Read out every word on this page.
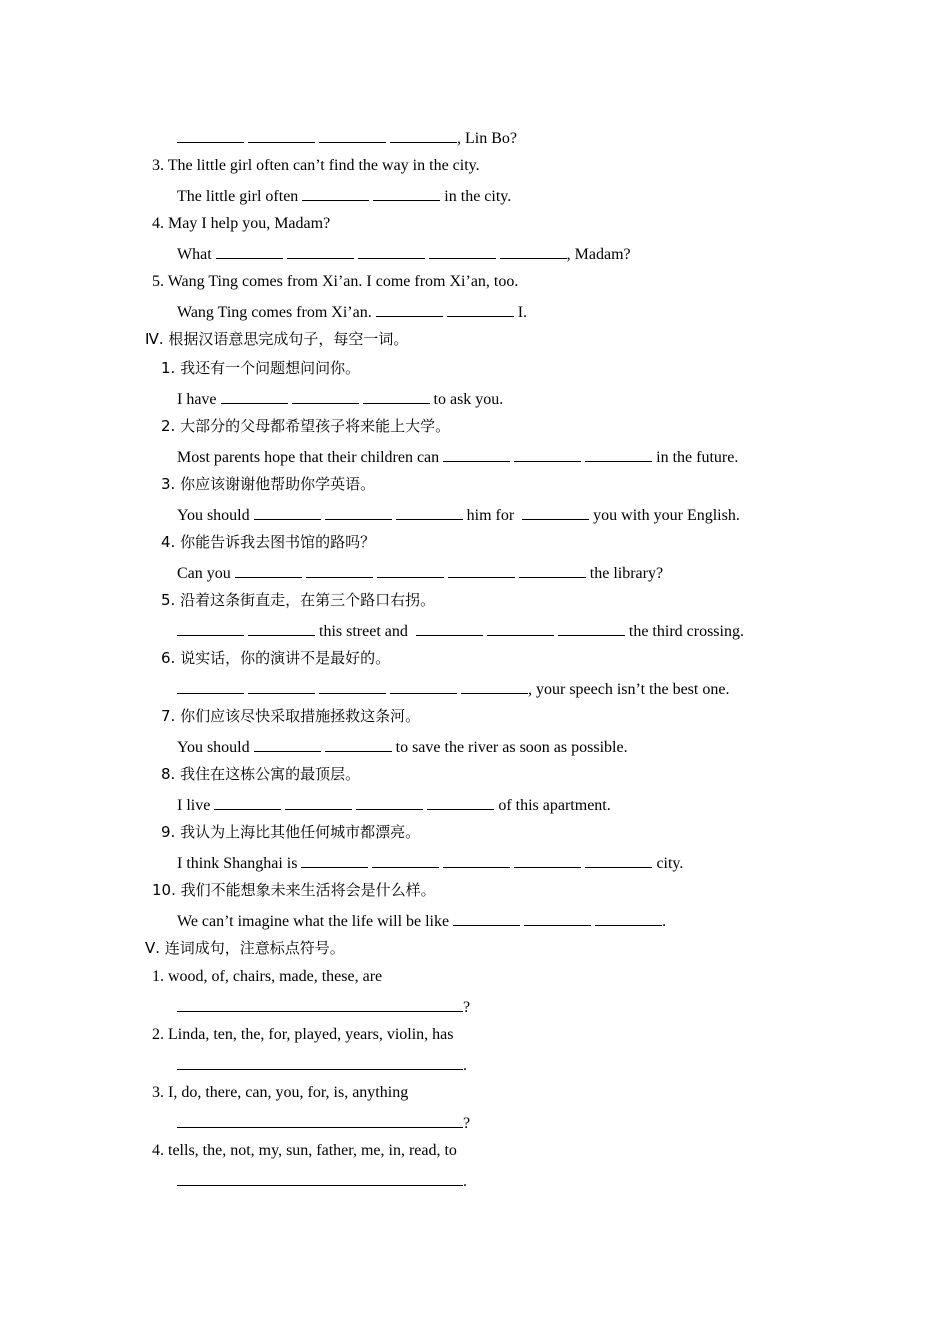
, Lin Bo?
3. The little girl often can’t find the way in the city.
The little girl often	in the city.
4. May I help you, Madam?
What	, Madam?
5. Wang Ting comes from Xi’an. I come from Xi’an, too.
Wang Ting comes from Xi’an.	I.
Ⅳ. 根据汉语意思完成句子，每空一词。
1. 我还有一个问题想问问你。
I have	to ask you.
2. 大部分的父母都希望孩子将来能上大学。
Most parents hope that their children can	in the future.
3. 你应该谢谢他帮助你学英语。
You should	him for	you with your English.
4. 你能告诉我去图书馆的路吗？
Can you	the library?
5. 沿着这条街直走，在第三个路口右拐。
this street and	the third crossing.
6. 说实话，你的演讲不是最好的。
, your speech isn’t the best one.
7. 你们应该尽快采取措施拯救这条河。
You should	to save the river as soon as possible.
8. 我住在这栋公寓的最顶层。
I live	of this apartment.
9. 我认为上海比其他任何城市都漂亮。
I think Shanghai is	city.
10. 我们不能想象未来生活将会是什么样。
We can’t imagine what the life will be like	.
Ⅴ. 连词成句，注意标点符号。
1. wood, of, chairs, made, these, are
?
2. Linda, ten, the, for, played, years, violin, has
.
3. I, do, there, can, you, for, is, anything
?
4. tells, the, not, my, sun, father, me, in, read, to
.
